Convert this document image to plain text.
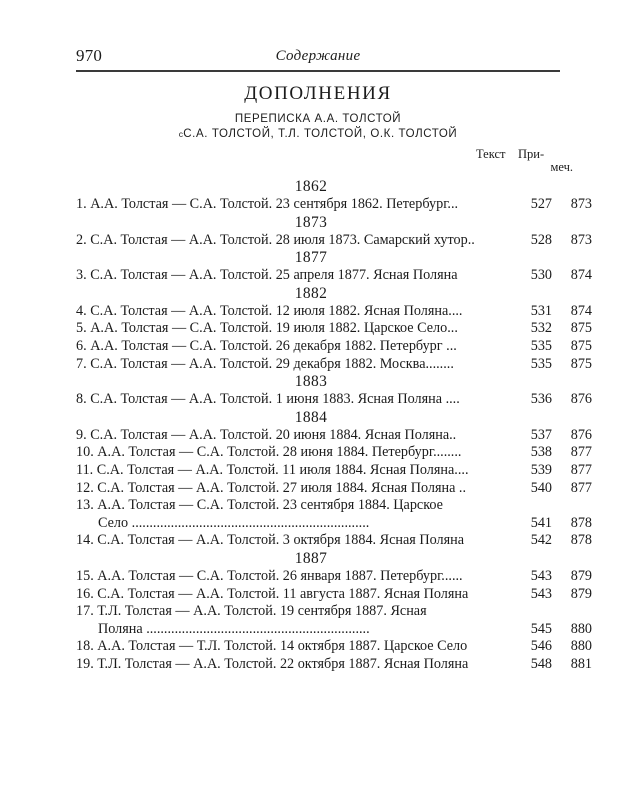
970	Содержание
ДОПОЛНЕНИЯ
ПЕРЕПИСКА А.А. ТОЛСТОЙ
сС.А. ТОЛСТОЙ, Т.Л. ТОЛСТОЙ, О.К. ТОЛСТОЙ
Текст При-
меч.
1862
1. А.А. Толстая — С.А. Толстой. 23 сентября 1862. Петербург...	527	873
1873
2. С.А. Толстая — А.А. Толстой. 28 июля 1873. Самарский хутор..	528	873
1877
3. С.А. Толстая — А.А. Толстой. 25 апреля 1877. Ясная Поляна	530	874
1882
4. С.А. Толстая — А.А. Толстой. 12 июля 1882. Ясная Поляна....	531	874
5. А.А. Толстая — С.А. Толстой. 19 июля 1882. Царское Село...	532	875
6. А.А. Толстая — С.А. Толстой. 26 декабря 1882. Петербург ...	535	875
7. С.А. Толстая — А.А. Толстой. 29 декабря 1882. Москва........	535	875
1883
8. С.А. Толстая — А.А. Толстой. 1 июня 1883. Ясная Поляна ....	536	876
1884
9. С.А. Толстая — А.А. Толстой. 20 июня 1884. Ясная Поляна..	537	876
10. А.А. Толстая — С.А. Толстой. 28 июня 1884. Петербург........	538	877
11. С.А. Толстая — А.А. Толстой. 11 июля 1884. Ясная Поляна....	539	877
12. С.А. Толстая — А.А. Толстой. 27 июля 1884. Ясная Поляна ..	540	877
13. А.А. Толстая — С.А. Толстой. 23 сентября 1884. Царское
Село ...................................................................	541	878
14. С.А. Толстая — А.А. Толстой. 3 октября 1884. Ясная Поляна	542	878
1887
15. А.А. Толстая — С.А. Толстой. 26 января 1887. Петербург......	543	879
16. С.А. Толстая — А.А. Толстой. 11 августа 1887. Ясная Поляна	543	879
17. Т.Л. Толстая — А.А. Толстой. 19 сентября 1887. Ясная
Поляна ...............................................................	545	880
18. А.А. Толстая — Т.Л. Толстой. 14 октября 1887. Царское Село	546	880
19. Т.Л. Толстая — А.А. Толстой. 22 октября 1887. Ясная Поляна	548	881
